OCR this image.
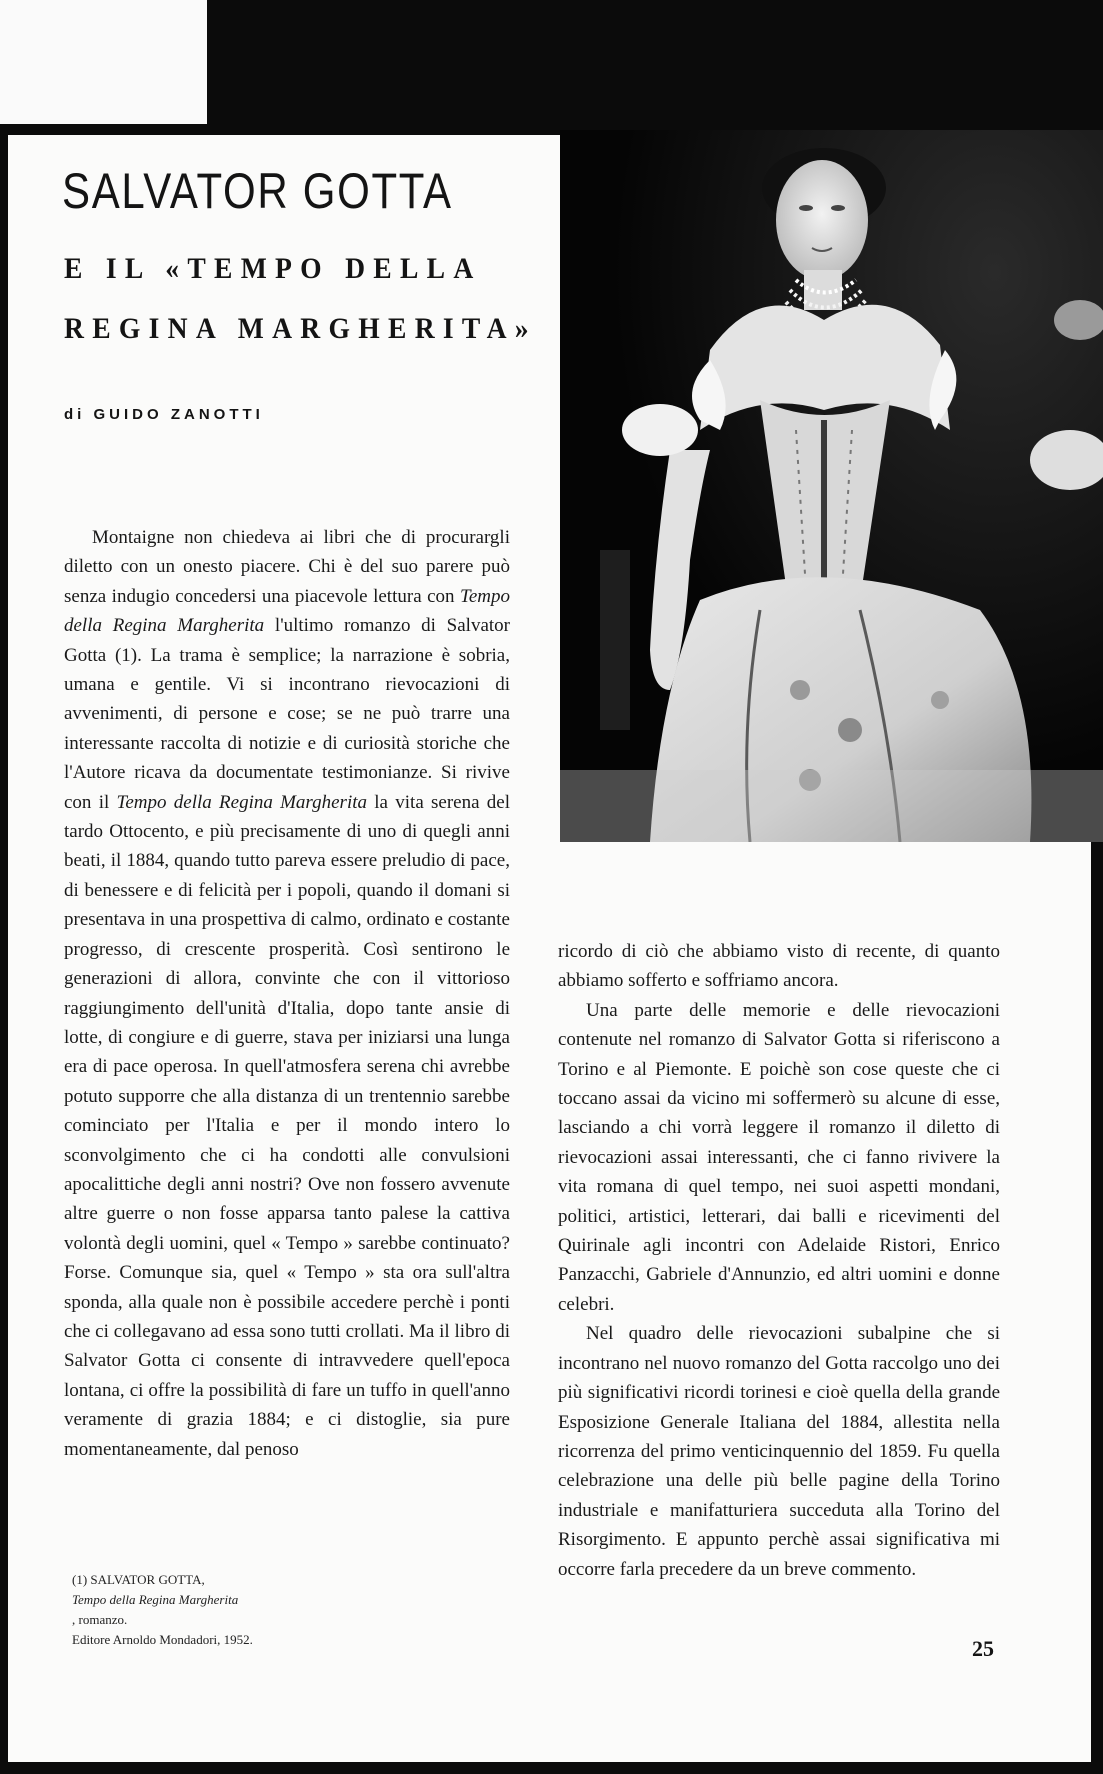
SALVATOR GOTTA
E IL «TEMPO DELLA
REGINA MARGHERITA»

di GUIDO ZANOTTI

Montaigne non chiedeva ai libri che di procurargli diletto con un onesto piacere. Chi è del suo parere può senza indugio concedersi una piacevole lettura con Tempo della Regina Margherita l'ultimo romanzo di Salvator Gotta (1). La trama è semplice; la narrazione è sobria, umana e gentile. Vi si incontrano rievocazioni di avvenimenti, di persone e cose; se ne può trarre una interessante raccolta di notizie e di curiosità storiche che l'Autore ricava da documentate testimonianze. Si rivive con il Tempo della Regina Margherita la vita serena del tardo Ottocento, e più precisamente di uno di quegli anni beati, il 1884, quando tutto pareva essere preludio di pace, di benessere e di felicità per i popoli, quando il domani si presentava in una prospettiva di calmo, ordinato e costante progresso, di crescente prosperità. Così sentirono le generazioni di allora, convinte che con il vittorioso raggiungimento dell'unità d'Italia, dopo tante ansie di lotte, di congiure e di guerre, stava per iniziarsi una lunga era di pace operosa. In quell'atmosfera serena chi avrebbe potuto supporre che alla distanza di un trentennio sarebbe cominciato per l'Italia e per il mondo intero lo sconvolgimento che ci ha condotti alle convulsioni apocalittiche degli anni nostri? Ove non fossero avvenute altre guerre o non fosse apparsa tanto palese la cattiva volontà degli uomini, quel « Tempo » sarebbe continuato? Forse. Comunque sia, quel « Tempo » sta ora sull'altra sponda, alla quale non è possibile accedere perchè i ponti che ci collegavano ad essa sono tutti crollati. Ma il libro di Salvator Gotta ci consente di intravvedere quell'epoca lontana, ci offre la possibilità di fare un tuffo in quell'anno veramente di grazia 1884; e ci distoglie, sia pure momentaneamente, dal penoso

(1) SALVATOR GOTTA,
Tempo della Regina Margherita
, romanzo.
Editore Arnoldo Mondadori, 1952.

ricordo di ciò che abbiamo visto di recente, di quanto abbiamo sofferto e soffriamo ancora.

Una parte delle memorie e delle rievocazioni contenute nel romanzo di Salvator Gotta si riferiscono a Torino e al Piemonte. E poichè son cose queste che ci toccano assai da vicino mi soffermerò su alcune di esse, lasciando a chi vorrà leggere il romanzo il diletto di rievocazioni assai interessanti, che ci fanno rivivere la vita romana di quel tempo, nei suoi aspetti mondani, politici, artistici, letterari, dai balli e ricevimenti del Quirinale agli incontri con Adelaide Ristori, Enrico Panzacchi, Gabriele d'Annunzio, ed altri uomini e donne celebri.

Nel quadro delle rievocazioni subalpine che si incontrano nel nuovo romanzo del Gotta raccolgo uno dei più significativi ricordi torinesi e cioè quella della grande Esposizione Generale Italiana del 1884, allestita nella ricorrenza del primo venticinquennio del 1859. Fu quella celebrazione una delle più belle pagine della Torino industriale e manifatturiera succeduta alla Torino del Risorgimento. E appunto perchè assai significativa mi occorre farla precedere da un breve commento.

25
